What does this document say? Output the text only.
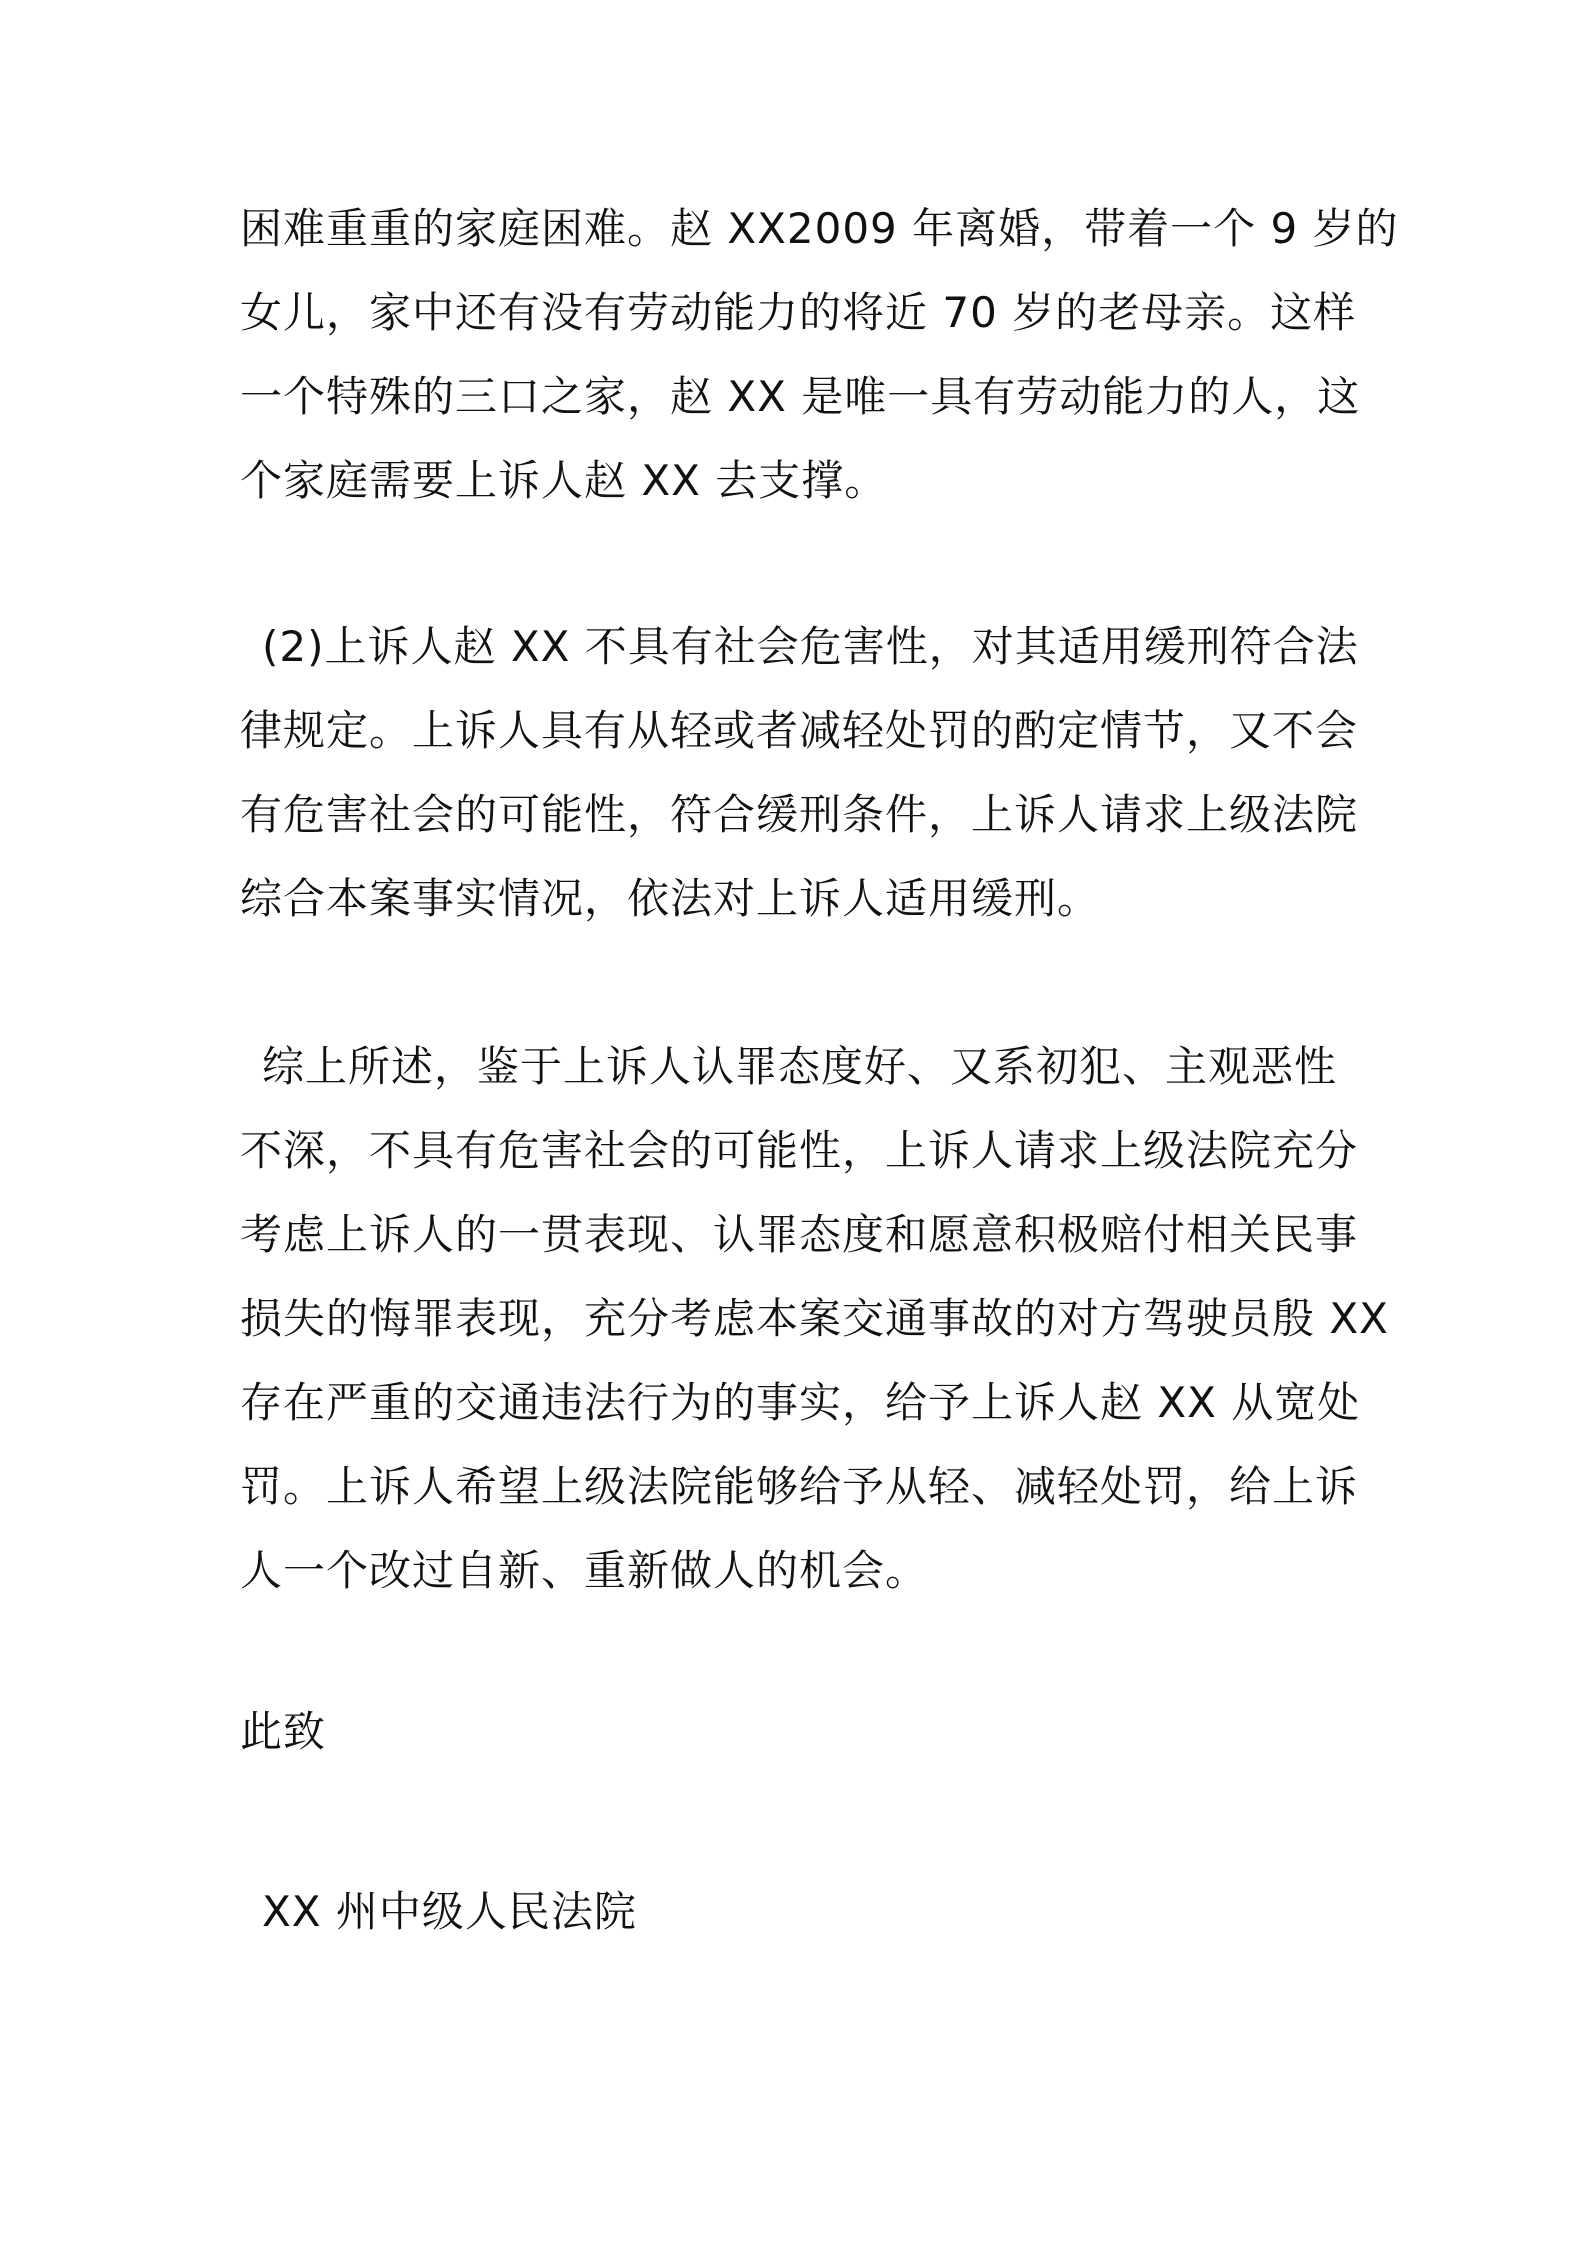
困难重重的家庭困难。赵 XX2009 年离婚，带着一个 9 岁的
女儿，家中还有没有劳动能力的将近 70 岁的老母亲。这样
一个特殊的三口之家，赵 XX 是唯一具有劳动能力的人，这
个家庭需要上诉人赵 XX 去支撑。
(2)上诉人赵 XX 不具有社会危害性，对其适用缓刑符合法
律规定。上诉人具有从轻或者减轻处罚的酌定情节，又不会
有危害社会的可能性，符合缓刑条件，上诉人请求上级法院
综合本案事实情况，依法对上诉人适用缓刑。
综上所述，鉴于上诉人认罪态度好、又系初犯、主观恶性
不深，不具有危害社会的可能性，上诉人请求上级法院充分
考虑上诉人的一贯表现、认罪态度和愿意积极赔付相关民事
损失的悔罪表现，充分考虑本案交通事故的对方驾驶员殷 XX
存在严重的交通违法行为的事实，给予上诉人赵 XX 从宽处
罚。上诉人希望上级法院能够给予从轻、减轻处罚，给上诉
人一个改过自新、重新做人的机会。
此致
XX 州中级人民法院
